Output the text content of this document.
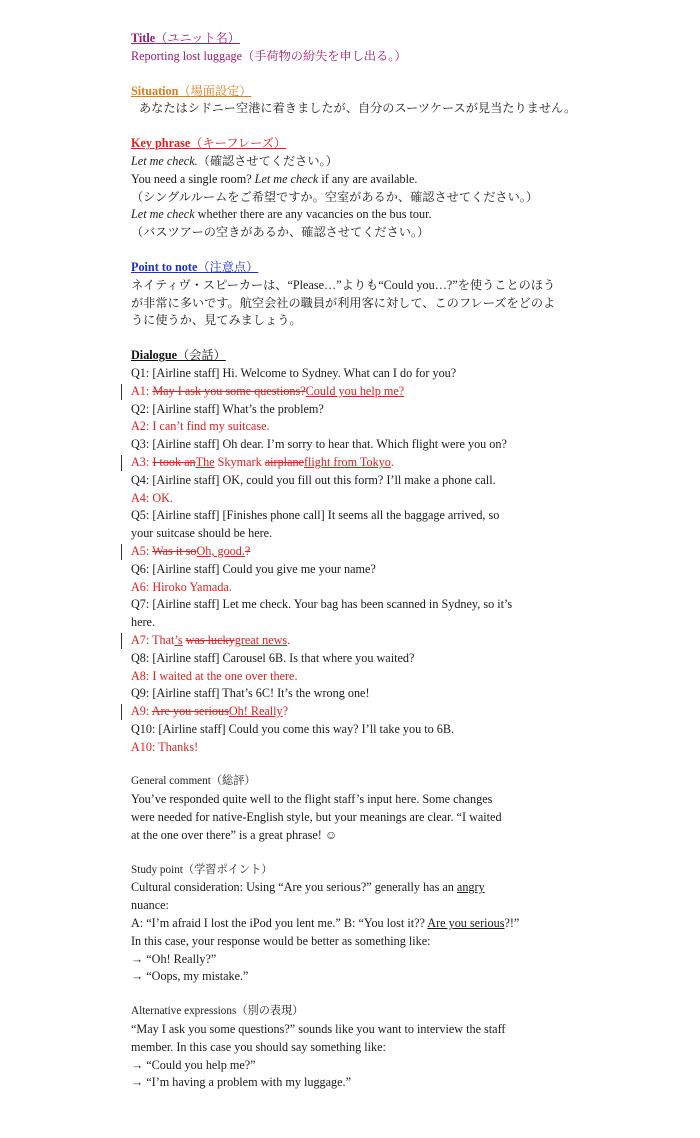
Title（ユニット名）
Reporting lost luggage（手荷物の紛失を申し出る。）
Situation（場面設定）
あなたはシドニー空港に着きましたが、自分のスーツケースが見当たりません。
Key phrase（キーフレーズ）
Let me check.（確認させてください。）
You need a single room? Let me check if any are available.
（シングルルームをご希望ですか。空室があるか、確認させてください。）
Let me check whether there are any vacancies on the bus tour.
（バスツアーの空きがあるか、確認させてください。）
Point to note（注意点）
ネイティヴ・スピーカーは、“Please…”よりも“Could you…?”を使うことのほう
が非常に多いです。航空会社の職員が利用客に対して、このフレーズをどのよ
うに使うか、見てみましょう。
Dialogue（会話）
Q1: [Airline staff] Hi. Welcome to Sydney. What can I do for you?
A1: May I ask you some questions?Could you help me?
Q2: [Airline staff] What’s the problem?
A2: I can’t find my suitcase.
Q3: [Airline staff] Oh dear. I’m sorry to hear that. Which flight were you on?
A3: I took anThe Skymark airplaneflight from Tokyo.
Q4: [Airline staff] OK, could you fill out this form? I’ll make a phone call.
A4: OK.
Q5: [Airline staff] [Finishes phone call] It seems all the baggage arrived, so
your suitcase should be here.
A5: Was it soOh, good.?
Q6: [Airline staff] Could you give me your name?
A6: Hiroko Yamada.
Q7: [Airline staff] Let me check. Your bag has been scanned in Sydney, so it’s
here.
A7: That’s was luckygreat news.
Q8: [Airline staff] Carousel 6B. Is that where you waited?
A8: I waited at the one over there.
Q9: [Airline staff] That’s 6C! It’s the wrong one!
A9: Are you seriousOh! Really?
Q10: [Airline staff] Could you come this way? I’ll take you to 6B.
A10: Thanks!
General comment（総評）
You’ve responded quite well to the flight staff’s input here. Some changes
were needed for native-English style, but your meanings are clear. “I waited
at the one over there” is a great phrase! ☺
Study point（学習ポイント）
Cultural consideration: Using “Are you serious?” generally has an angry
nuance:
A: “I’m afraid I lost the iPod you lent me.” B: “You lost it?? Are you serious?!”
In this case, your response would be better as something like:
→ “Oh! Really?”
→ “Oops, my mistake.”
Alternative expressions（別の表現）
“May I ask you some questions?” sounds like you want to interview the staff
member. In this case you should say something like:
→ “Could you help me?”
→ “I’m having a problem with my luggage.”
